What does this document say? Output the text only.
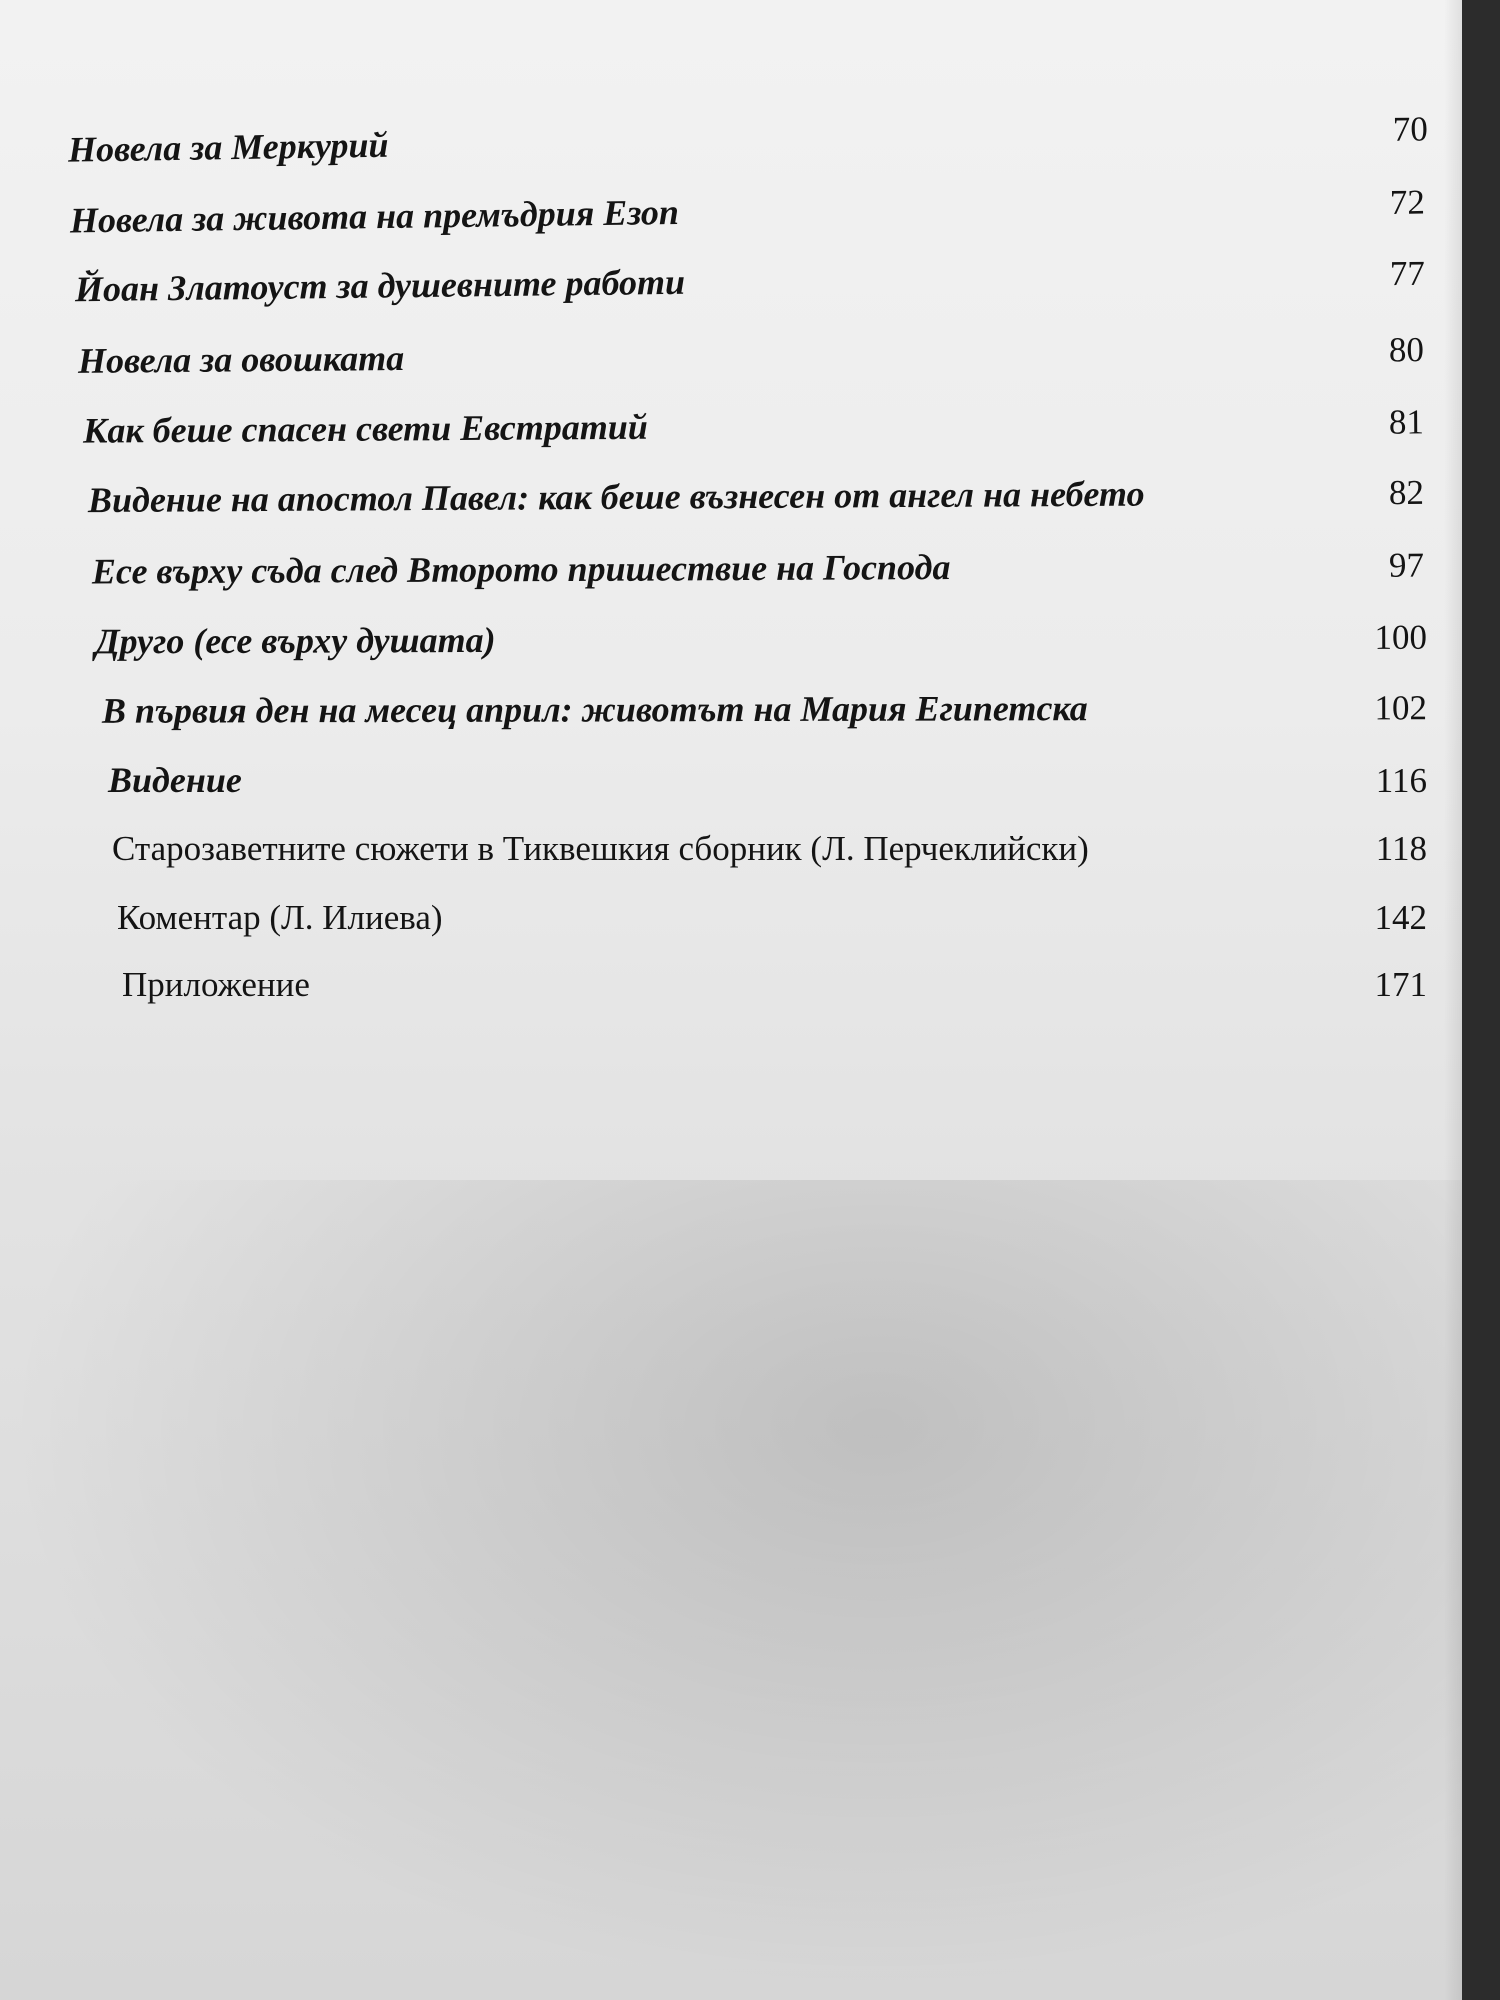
Новела за Меркурий	70
Новела за живота на премъдрия Езоп	72
Йоан Златоуст за душевните работи	77
Новела за овошката	80
Как беше спасен свети Евстратий	81
Видение на апостол Павел: как беше възнесен от ангел на небето	82
Есе върху съда след Второто пришествие на Господа	97
Друго (есе върху душата)	100
В първия ден на месец април: животът на Мария Египетска	102
Видение	116
Старозаветните сюжети в Тиквешкия сборник (Л. Перчеклийски)	118
Коментар (Л. Илиева)	142
Приложение	171
